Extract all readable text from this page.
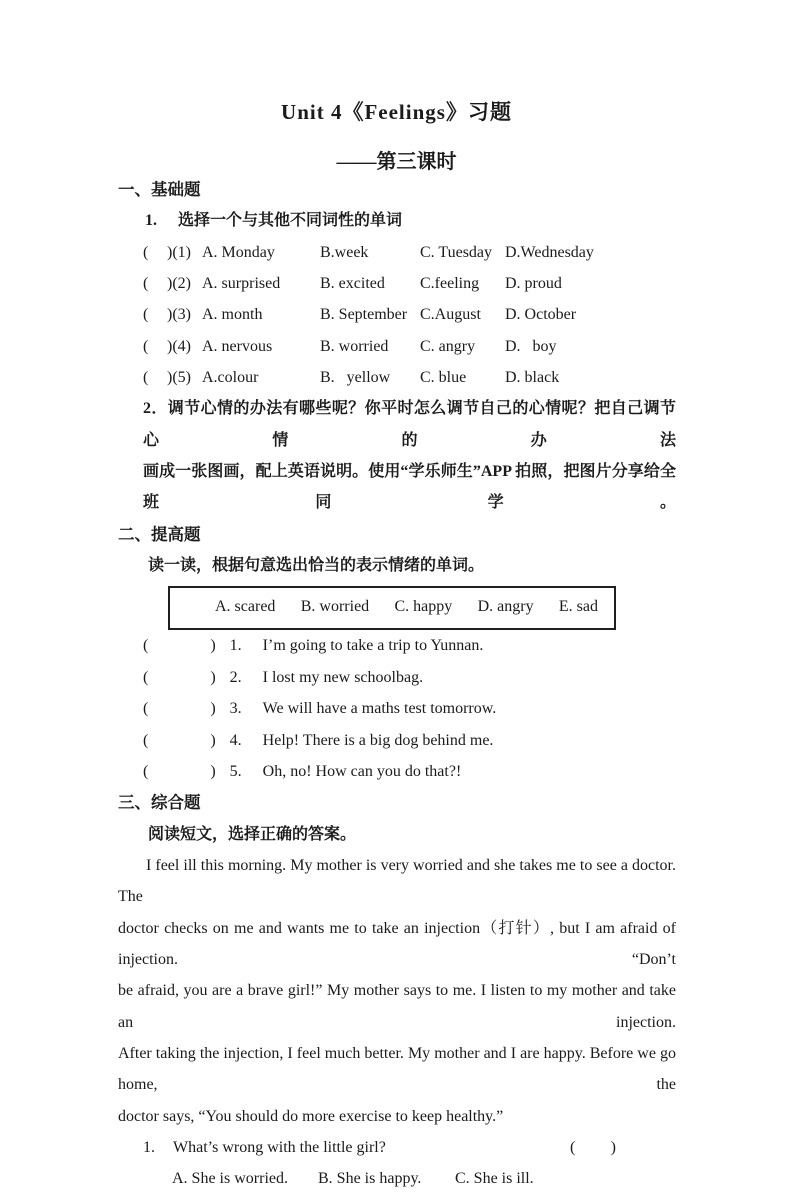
Unit 4《Feelings》习题
——第三课时
一、基础题
1. 选择一个与其他不同词性的单词
(	)(1) A. Monday	B.week	C. Tuesday D.Wednesday
(	)(2) A. surprised	B. excited	C.feeling	D. proud
(	)(3) A. month	B. September C.August	D. October
(	)(4) A. nervous	B. worried	C. angry	D.   boy
(	)(5) A.colour	B.   yellow	C. blue	D. black
2．调节心情的办法有哪些呢？你平时怎么调节自己的心情呢？把自己调节心情的办法
画成一张图画，配上英语说明。使用“学乐师生”APP 拍照，把图片分享给全班同学。
二、提高题
读一读，根据句意选出恰当的表示情绪的单词。
A. scared B. worried C. happy D. angry E. sad
(	) 1.	I’m going to take a trip to Yunnan.
(	) 2.	I lost my new schoolbag.
(	) 3.	We will have a maths test tomorrow.
(	) 4.	Help! There is a big dog behind me.
(	) 5.	Oh, no! How can you do that?!
三、综合题
阅读短文，选择正确的答案。
I feel ill this morning. My mother is very worried and she takes me to see a doctor. The
doctor checks on me and wants me to take an injection（打针）, but I am afraid of injection. “Don’t
be afraid, you are a brave girl!” My mother says to me. I listen to my mother and take an injection.
After taking the injection, I feel much better. My mother and I are happy. Before we go home, the
doctor says, “You should do more exercise to keep healthy.”
1.	What’s wrong with the little girl?	( )
A. She is worried.	B. She is happy.	C. She is ill.
